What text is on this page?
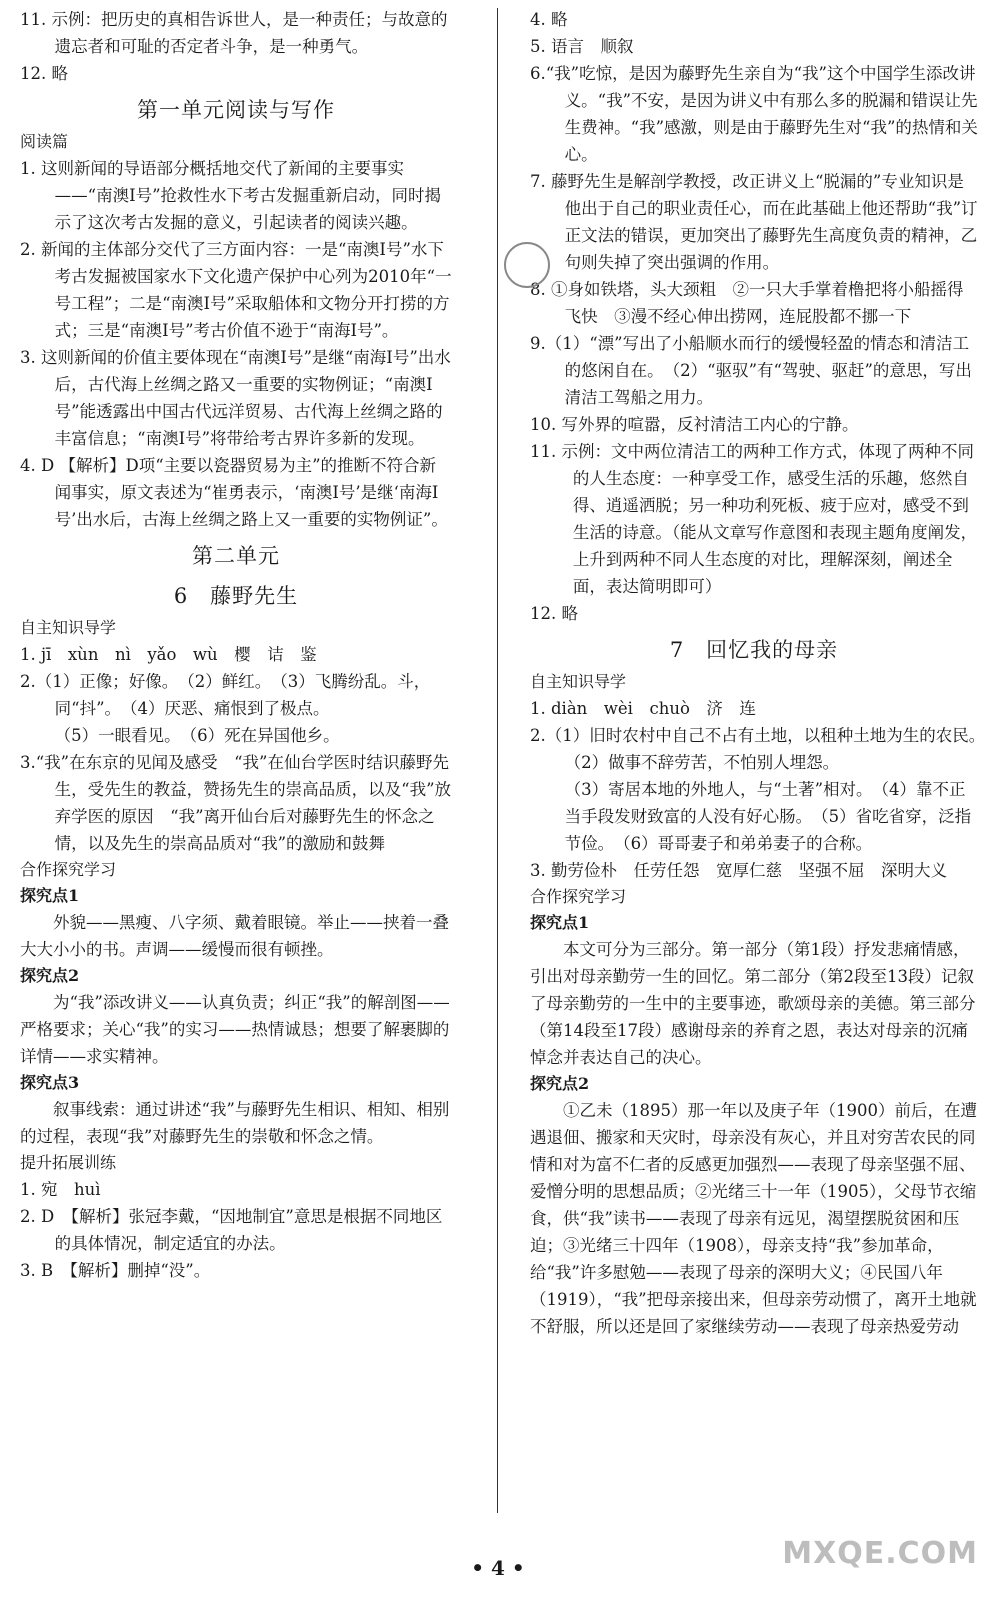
11. 示例：把历史的真相告诉世人，是一种责任；与故意的遗忘者和可耻的否定者斗争，是一种勇气。

12. 略

第一单元阅读与写作

阅读篇

1. 这则新闻的导语部分概括地交代了新闻的主要事实——“南澳Ⅰ号”抢救性水下考古发掘重新启动，同时揭示了这次考古发掘的意义，引起读者的阅读兴趣。

2. 新闻的主体部分交代了三方面内容：一是“南澳Ⅰ号”水下考古发掘被国家水下文化遗产保护中心列为2010年“一号工程”；二是“南澳Ⅰ号”采取船体和文物分开打捞的方式；三是“南澳Ⅰ号”考古价值不逊于“南海Ⅰ号”。

3. 这则新闻的价值主要体现在“南澳Ⅰ号”是继“南海Ⅰ号”出水后，古代海上丝绸之路又一重要的实物例证；“南澳Ⅰ号”能透露出中国古代远洋贸易、古代海上丝绸之路的丰富信息；“南澳Ⅰ号”将带给考古界许多新的发现。

4. D 【解析】D项“主要以瓷器贸易为主”的推断不符合新闻事实，原文表述为“崔勇表示，‘南澳Ⅰ号’是继‘南海Ⅰ号’出水后，古海上丝绸之路上又一重要的实物例证”。

第二单元

6　藤野先生

自主知识导学

1. jī　xùn　nì　yǎo　wù　樱　诘　鉴

2.（1）正像；好像。　（2）鲜红。　（3）飞腾纷乱。斗，同“抖”。　（4）厌恶、痛恨到了极点。

（5）一眼看见。　（6）死在异国他乡。

3.“我”在东京的见闻及感受　“我”在仙台学医时结识藤野先生，受先生的教益，赞扬先生的崇高品质，以及“我”放弃学医的原因　“我”离开仙台后对藤野先生的怀念之情，以及先生的崇高品质对“我”的激励和鼓舞

合作探究学习

探究点1

外貌——黑瘦、八字须、戴着眼镜。举止——挟着一叠大大小小的书。声调——缓慢而很有顿挫。

探究点2

为“我”添改讲义——认真负责；纠正“我”的解剖图——严格要求；关心“我”的实习——热情诚恳；想要了解裹脚的详情——求实精神。

探究点3

叙事线索：通过讲述“我”与藤野先生相识、相知、相别的过程，表现“我”对藤野先生的崇敬和怀念之情。

提升拓展训练

1. 宛　huì

2. D　【解析】张冠李戴，“因地制宜”意思是根据不同地区的具体情况，制定适宜的办法。

3. B　【解析】删掉“没”。

4. 略

5. 语言　顺叙

6.“我”吃惊，是因为藤野先生亲自为“我”这个中国学生添改讲义。“我”不安，是因为讲义中有那么多的脱漏和错误让先生费神。“我”感激，则是由于藤野先生对“我”的热情和关心。

7. 藤野先生是解剖学教授，改正讲义上“脱漏的”专业知识是他出于自己的职业责任心，而在此基础上他还帮助“我”订正文法的错误，更加突出了藤野先生高度负责的精神，乙句则失掉了突出强调的作用。

8. ①身如铁塔，头大颈粗　②一只大手掌着橹把将小船摇得飞快　③漫不经心伸出捞网，连屁股都不挪一下

9.（1）“漂”写出了小船顺水而行的缓慢轻盈的情态和清洁工的悠闲自在。　（2）“驱驭”有“驾驶、驱赶”的意思，写出清洁工驾船之用力。

10. 写外界的喧嚣，反衬清洁工内心的宁静。

11. 示例：文中两位清洁工的两种工作方式，体现了两种不同的人生态度：一种享受工作，感受生活的乐趣，悠然自得、逍遥洒脱；另一种功利死板、疲于应对，感受不到生活的诗意。（能从文章写作意图和表现主题角度阐发，上升到两种不同人生态度的对比，理解深刻，阐述全面，表达简明即可）

12. 略

7　回忆我的母亲

自主知识导学

1. diàn　wèi　chuò　济　连

2.（1）旧时农村中自己不占有土地，以租种土地为生的农民。　（2）做事不辞劳苦，不怕别人埋怨。

（3）寄居本地的外地人，与“土著”相对。　（4）靠不正当手段发财致富的人没有好心肠。　（5）省吃省穿，泛指节俭。　（6）哥哥妻子和弟弟妻子的合称。

3. 勤劳俭朴　任劳任怨　宽厚仁慈　坚强不屈　深明大义

合作探究学习

探究点1

本文可分为三部分。第一部分（第1段）抒发悲痛情感，引出对母亲勤劳一生的回忆。第二部分（第2段至13段）记叙了母亲勤劳的一生中的主要事迹，歌颂母亲的美德。第三部分（第14段至17段）感谢母亲的养育之恩，表达对母亲的沉痛悼念并表达自己的决心。

探究点2

①乙未（1895）那一年以及庚子年（1900）前后，在遭遇退佃、搬家和天灾时，母亲没有灰心，并且对穷苦农民的同情和对为富不仁者的反感更加强烈——表现了母亲坚强不屈、爱憎分明的思想品质；②光绪三十一年（1905），父母节衣缩食，供“我”读书——表现了母亲有远见，渴望摆脱贫困和压迫；③光绪三十四年（1908），母亲支持“我”参加革命，给“我”许多慰勉——表现了母亲的深明大义；④民国八年（1919），“我”把母亲接出来，但母亲劳动惯了，离开土地就不舒服，所以还是回了家继续劳动——表现了母亲热爱劳动

MXQE.COM
• 4 •
